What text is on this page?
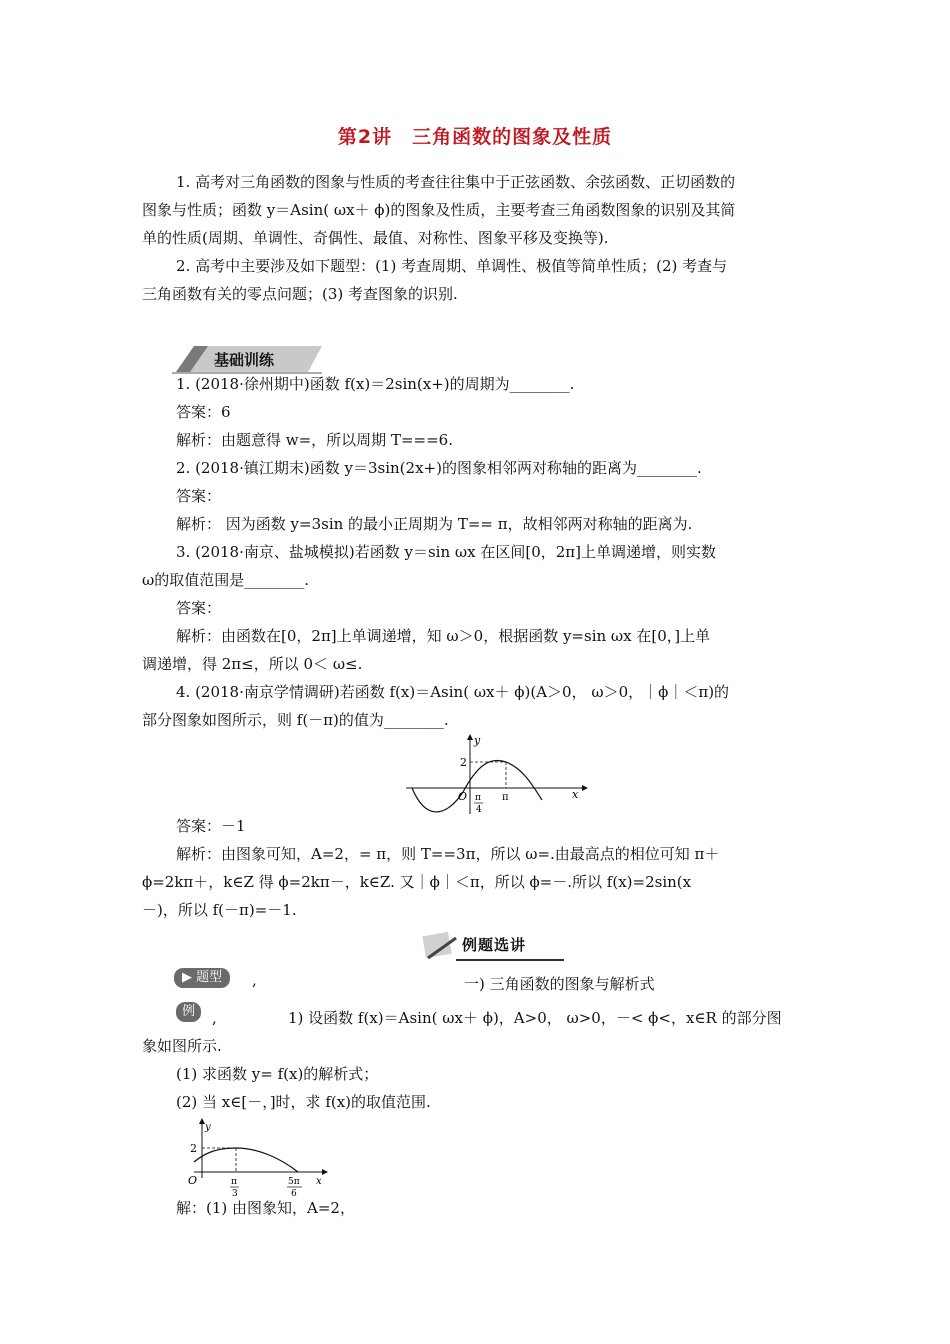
第2讲　三角函数的图象及性质
1. 高考对三角函数的图象与性质的考查往往集中于正弦函数、余弦函数、正切函数的
图象与性质；函数 y＝Asin( ωx＋ ϕ)的图象及性质，主要考查三角函数图象的识别及其简
单的性质(周期、单调性、奇偶性、最值、对称性、图象平移及变换等).
2. 高考中主要涉及如下题型：(1) 考查周期、单调性、极值等简单性质；(2) 考查与
三角函数有关的零点问题；(3) 考查图象的识别.
基础训练
1. (2018·徐州期中)函数 f(x)＝2sin(x+)的周期为________.
答案：6
解析：由题意得 w=，所以周期 T===6.
2. (2018·镇江期末)函数 y＝3sin(2x+)的图象相邻两对称轴的距离为________.
答案：
解析： 因为函数 y=3sin 的最小正周期为 T== π，故相邻两对称轴的距离为.
3. (2018·南京、盐城模拟)若函数 y＝sin ωx 在区间[0，2π]上单调递增，则实数
ω的取值范围是________.
答案：
解析：由函数在[0，2π]上单调递增，知 ω＞0，根据函数 y=sin ωx 在[0，]上单
调递增，得 2π≤，所以 0＜ ω≤.
4. (2018·南京学情调研)若函数 f(x)＝Asin( ωx＋ ϕ)(A＞0， ω＞0，｜ϕ｜＜π)的
部分图象如图所示，则 f(－π)的值为________.
y
x
O
2
π
4
π
答案：－1
解析：由图象可知，A=2，= π，则 T==3π，所以 ω=.由最高点的相位可知 π＋
ϕ=2kπ＋，k∈Z 得 ϕ=2kπ－，k∈Z. 又｜ϕ｜＜π，所以 ϕ=－.所以 f(x)=2sin(x
－)，所以 f(－π)=－1.
例题选讲
▶ 题型	,	一) 三角函数的图象与解析式
例	,	1) 设函数 f(x)＝Asin( ωx＋ ϕ)，A>0， ω>0，－< ϕ<，x∈R 的部分图
象如图所示.
(1) 求函数 y= f(x)的解析式；
(2) 当 x∈[－，]时，求 f(x)的取值范围.
y
x
O
2
π
3
5π
6
解：(1) 由图象知，A=2，
